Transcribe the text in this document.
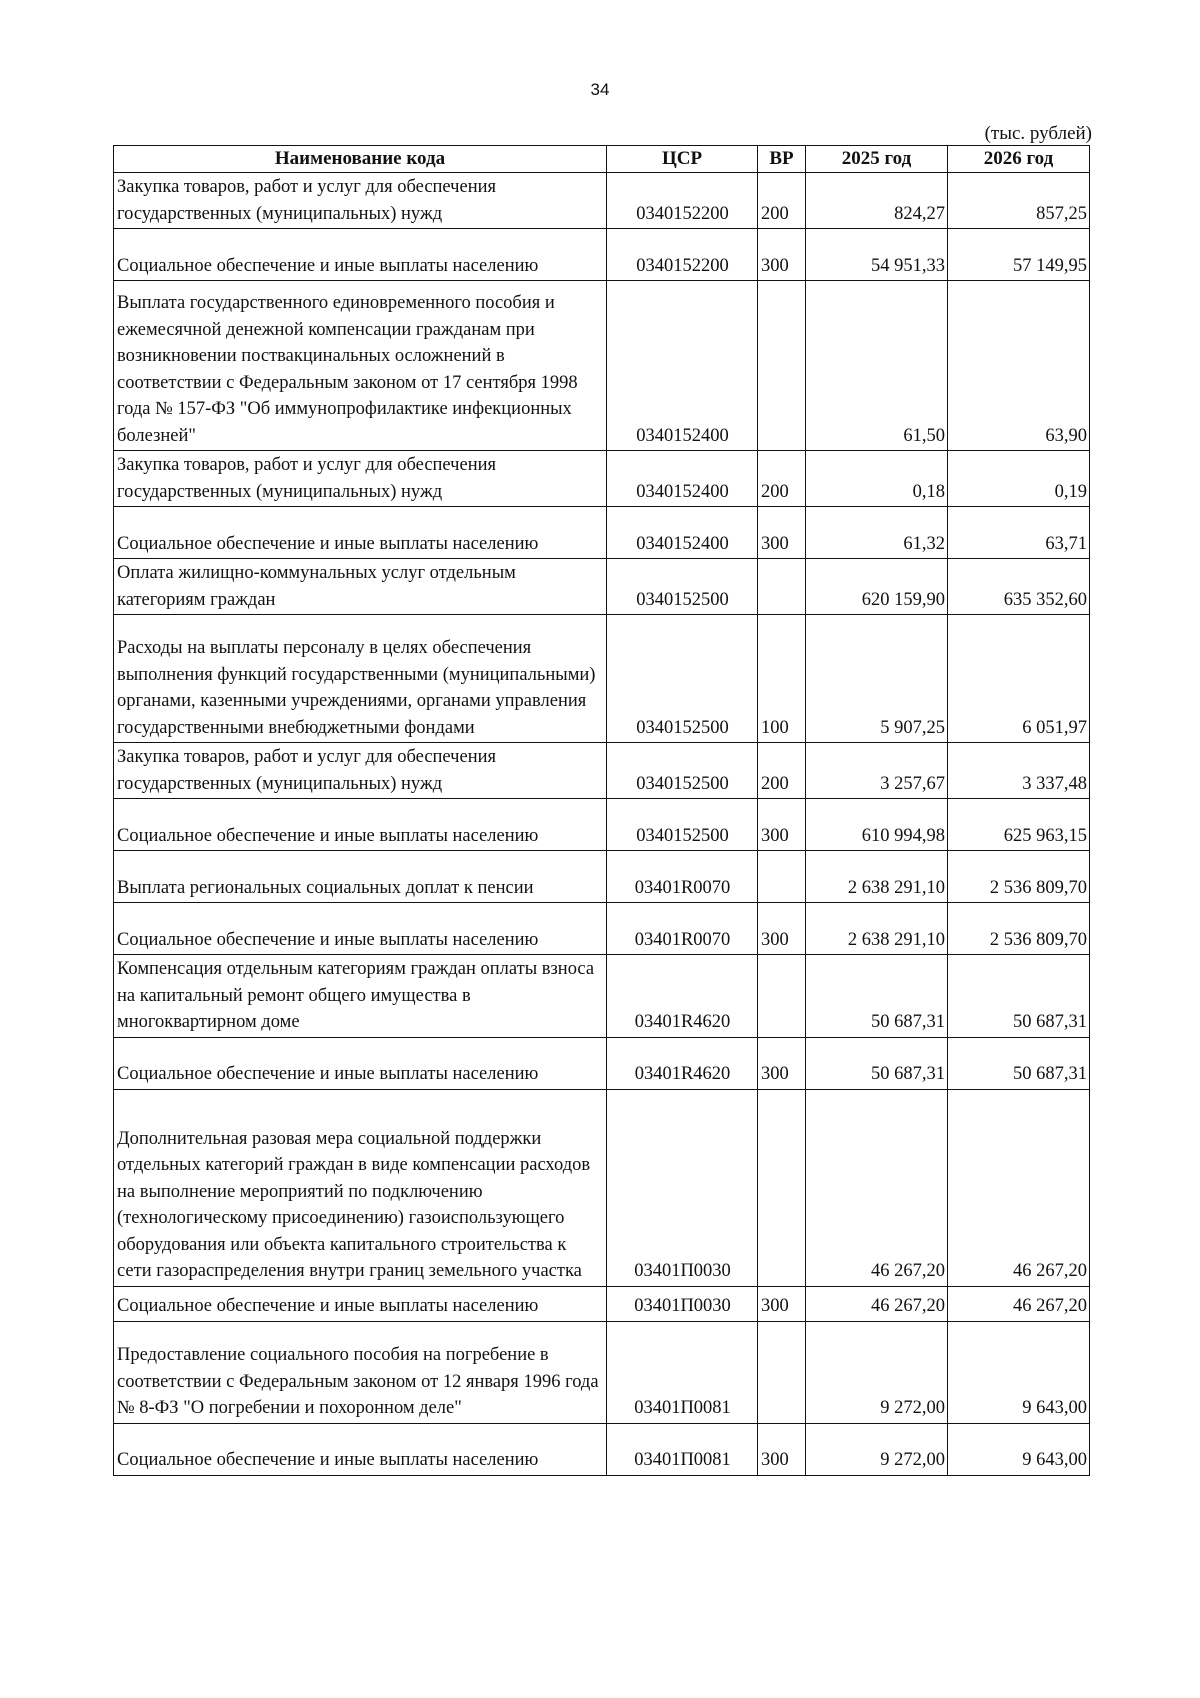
34
(тыс. рублей)
Наименование кода	ЦСР	ВР	2025 год	2026 год
Закупка товаров, работ и услуг для обеспечения государственных (муниципальных) нужд	0340152200	200	824,27	857,25
Социальное обеспечение и иные выплаты населению	0340152200	300	54 951,33	57 149,95
Выплата государственного единовременного пособия и ежемесячной денежной компенсации гражданам при возникновении поствакцинальных осложнений в соответствии с Федеральным законом от 17 сентября 1998 года № 157-ФЗ "Об иммунопрофилактике инфекционных болезней"	0340152400		61,50	63,90
Закупка товаров, работ и услуг для обеспечения государственных (муниципальных) нужд	0340152400	200	0,18	0,19
Социальное обеспечение и иные выплаты населению	0340152400	300	61,32	63,71
Оплата жилищно-коммунальных услуг отдельным категориям граждан	0340152500		620 159,90	635 352,60
Расходы на выплаты персоналу в целях обеспечения выполнения функций государственными (муниципальными) органами, казенными учреждениями, органами управления государственными внебюджетными фондами	0340152500	100	5 907,25	6 051,97
Закупка товаров, работ и услуг для обеспечения государственных (муниципальных) нужд	0340152500	200	3 257,67	3 337,48
Социальное обеспечение и иные выплаты населению	0340152500	300	610 994,98	625 963,15
Выплата региональных социальных доплат к пенсии	03401R0070		2 638 291,10	2 536 809,70
Социальное обеспечение и иные выплаты населению	03401R0070	300	2 638 291,10	2 536 809,70
Компенсация отдельным категориям граждан оплаты взноса на капитальный ремонт общего имущества в многоквартирном доме	03401R4620		50 687,31	50 687,31
Социальное обеспечение и иные выплаты населению	03401R4620	300	50 687,31	50 687,31
Дополнительная разовая мера социальной поддержки отдельных категорий граждан в виде компенсации расходов на выполнение мероприятий по подключению (технологическому присоединению) газоиспользующего оборудования или объекта капитального строительства к сети газораспределения внутри границ земельного участка	03401П0030		46 267,20	46 267,20
Социальное обеспечение и иные выплаты населению	03401П0030	300	46 267,20	46 267,20
Предоставление социального пособия на погребение в соответствии с Федеральным законом от 12 января 1996 года № 8-ФЗ "О погребении и похоронном деле"	03401П0081		9 272,00	9 643,00
Социальное обеспечение и иные выплаты населению	03401П0081	300	9 272,00	9 643,00
